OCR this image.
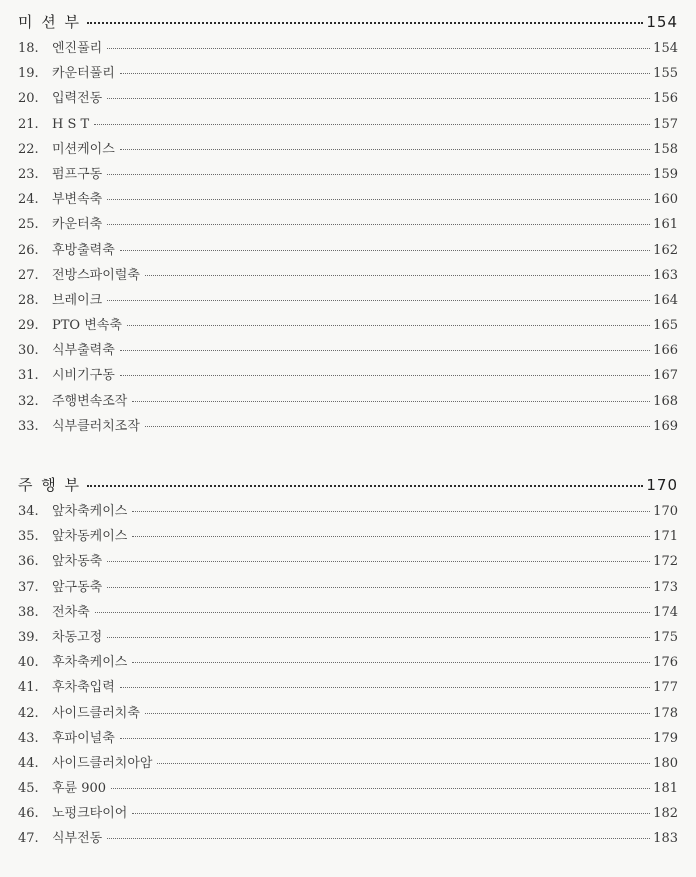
미 션 부	154
18.	엔진풀리	154
19.	카운터풀리	155
20.	입력전동	156
21.	H S T	157
22.	미션케이스	158
23.	펌프구동	159
24.	부변속축	160
25.	카운터축	161
26.	후방출력축	162
27.	전방스파이럴축	163
28.	브레이크	164
29.	PTO 변속축	165
30.	식부출력축	166
31.	시비기구동	167
32.	주행변속조작	168
33.	식부클러치조작	169
주 행 부	170
34.	앞차축케이스	170
35.	앞차동케이스	171
36.	앞차동축	172
37.	앞구동축	173
38.	전차축	174
39.	차동고정	175
40.	후차축케이스	176
41.	후차축입력	177
42.	사이드클러치축	178
43.	후파이널축	179
44.	사이드클러치아암	180
45.	후륜 900	181
46.	노펑크타이어	182
47.	식부전동	183
